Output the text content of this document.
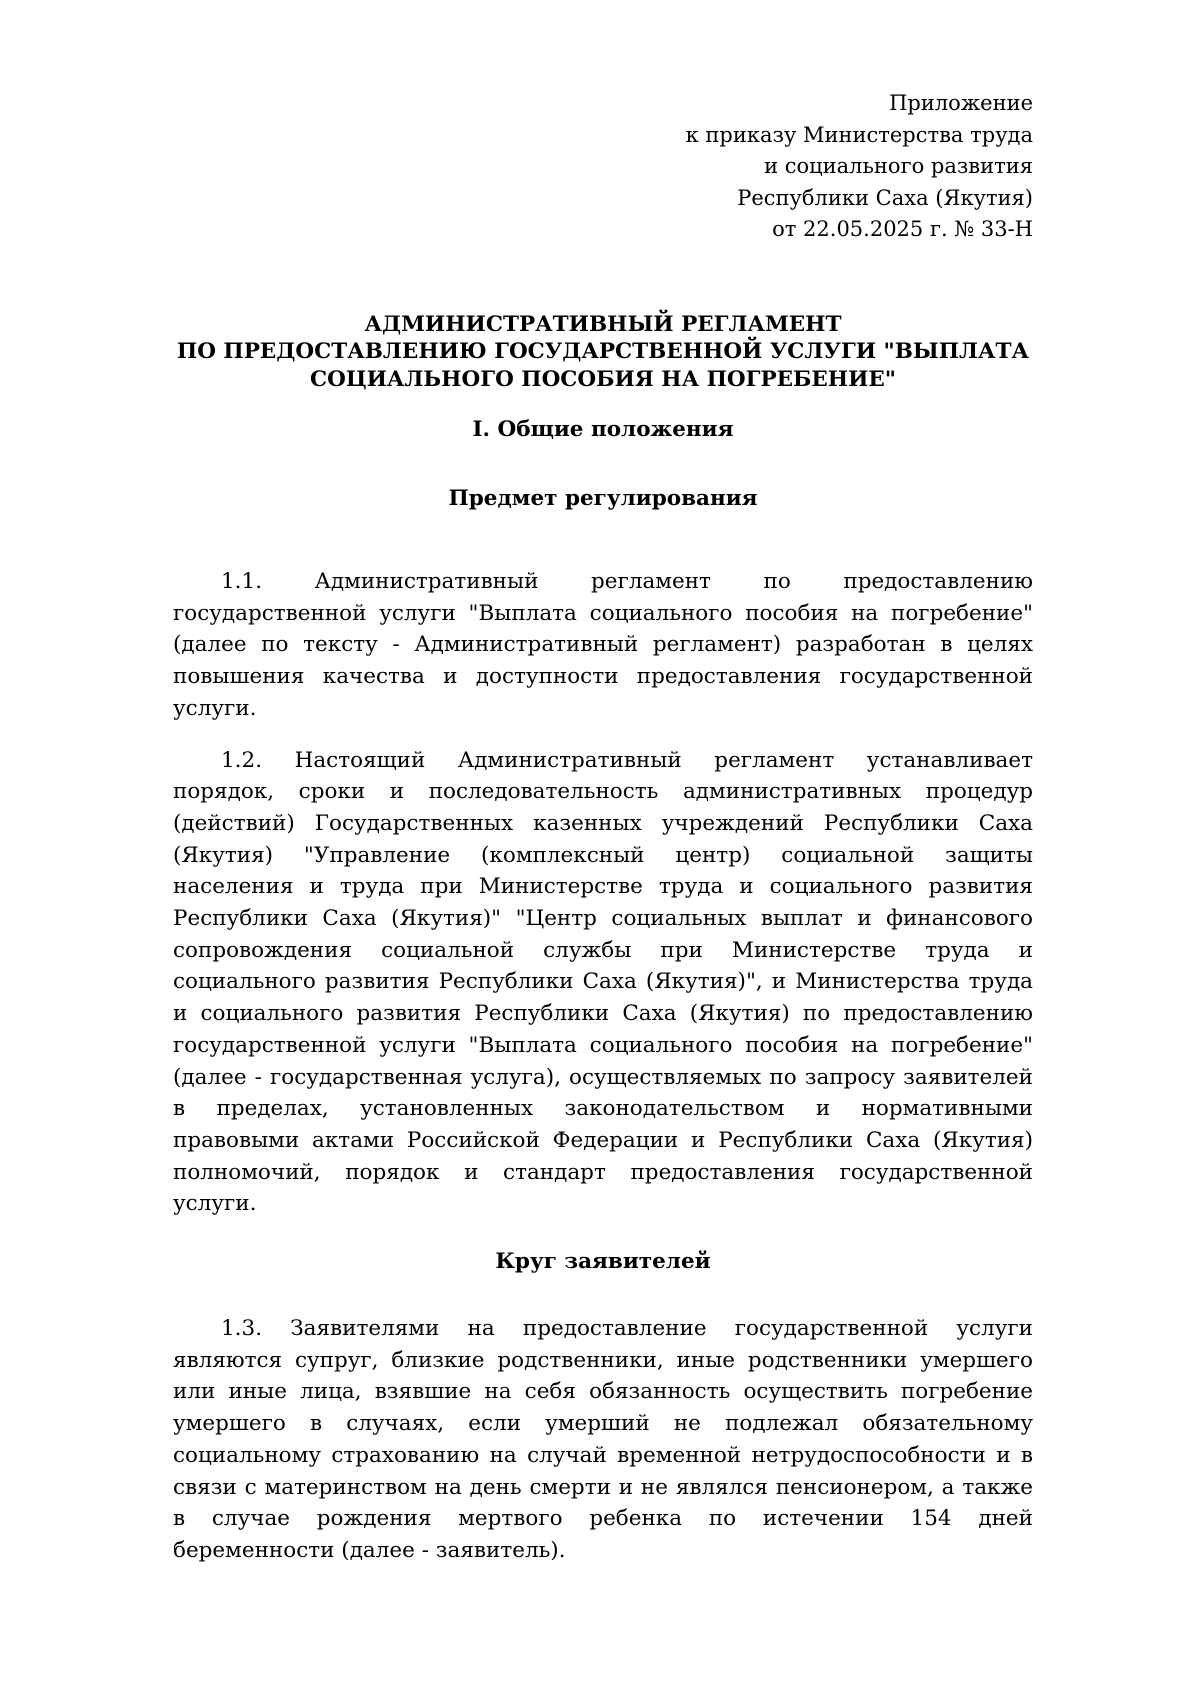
Приложение
к приказу Министерства труда
и социального развития
Республики Саха (Якутия)
от 22.05.2025 г. № 33-Н
АДМИНИСТРАТИВНЫЙ РЕГЛАМЕНТ
ПО ПРЕДОСТАВЛЕНИЮ ГОСУДАРСТВЕННОЙ УСЛУГИ "ВЫПЛАТА
СОЦИАЛЬНОГО ПОСОБИЯ НА ПОГРЕБЕНИЕ"
I. Общие положения
Предмет регулирования

1.1. Административный регламент по предоставлению государственной услуги "Выплата социального пособия на погребение" (далее по тексту - Административный регламент) разработан в целях повышения качества и доступности предоставления государственной услуги.

1.2. Настоящий Административный регламент устанавливает порядок, сроки и последовательность административных процедур (действий) Государственных казенных учреждений Республики Саха (Якутия) "Управление (комплексный центр) социальной защиты населения и труда при Министерстве труда и социального развития Республики Саха (Якутия)" "Центр социальных выплат и финансового сопровождения социальной службы при Министерстве труда и социального развития Республики Саха (Якутия)", и Министерства труда и социального развития Республики Саха (Якутия) по предоставлению государственной услуги "Выплата социального пособия на погребение" (далее - государственная услуга), осуществляемых по запросу заявителей в пределах, установленных законодательством и нормативными правовыми актами Российской Федерации и Республики Саха (Якутия) полномочий, порядок и стандарт предоставления государственной услуги.

Круг заявителей

1.3. Заявителями на предоставление государственной услуги являются супруг, близкие родственники, иные родственники умершего или иные лица, взявшие на себя обязанность осуществить погребение умершего в случаях, если умерший не подлежал обязательному социальному страхованию на случай временной нетрудоспособности и в связи с материнством на день смерти и не являлся пенсионером, а также в случае рождения мертвого ребенка по истечении 154 дней беременности (далее - заявитель).
